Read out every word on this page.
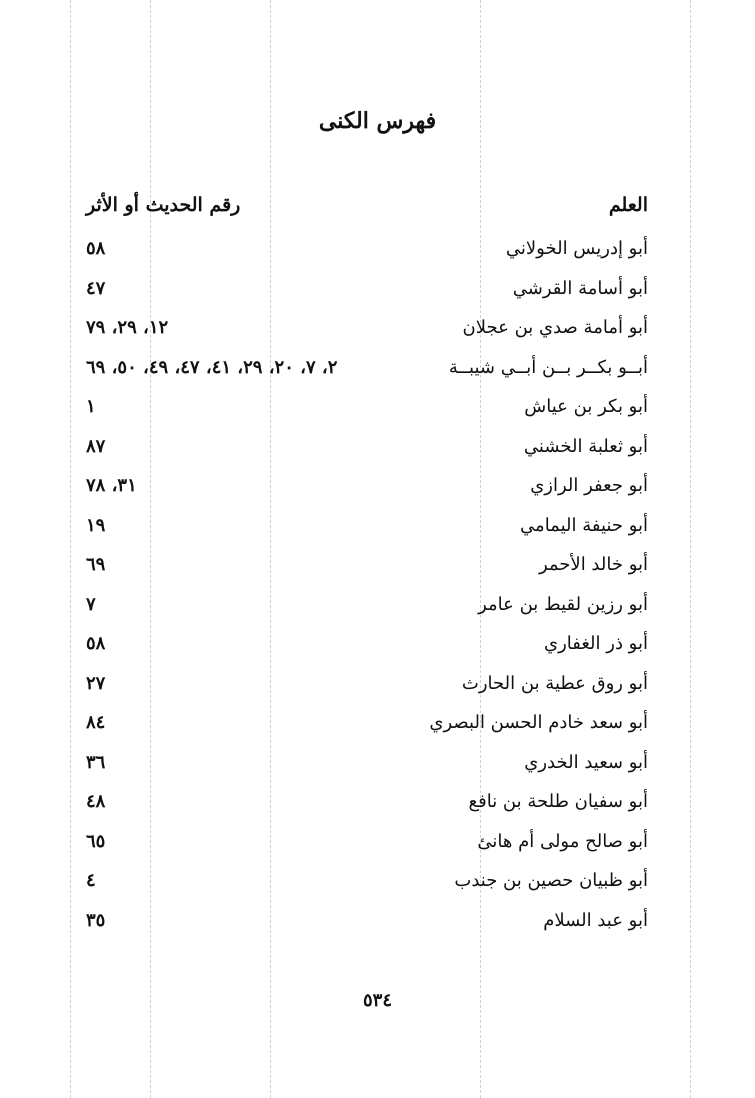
فهرس الكنى
العلم
رقم الحديث أو الأثر
أبو إدريس الخولاني
٥٨
أبو أسامة القرشي
٤٧
أبو أمامة صدي بن عجلان
١٢، ٢٩، ٧٩
أبــو بكــر بــن أبــي شيبــة
٢، ٧، ٢٠، ٢٩، ٤١، ٤٧، ٤٩، ٥٠، ٦٩
أبو بكر بن عياش
١
أبو ثعلبة الخشني
٨٧
أبو جعفر الرازي
٣١، ٧٨
أبو حنيفة اليمامي
١٩
أبو خالد الأحمر
٦٩
أبو رزين لقيط بن عامر
٧
أبو ذر الغفاري
٥٨
أبو روق عطية بن الحارث
٢٧
أبو سعد خادم الحسن البصري
٨٤
أبو سعيد الخدري
٣٦
أبو سفيان طلحة بن نافع
٤٨
أبو صالح مولى أم هانئ
٦٥
أبو ظبيان حصين بن جندب
٤
أبو عبد السلام
٣٥
٥٣٤
